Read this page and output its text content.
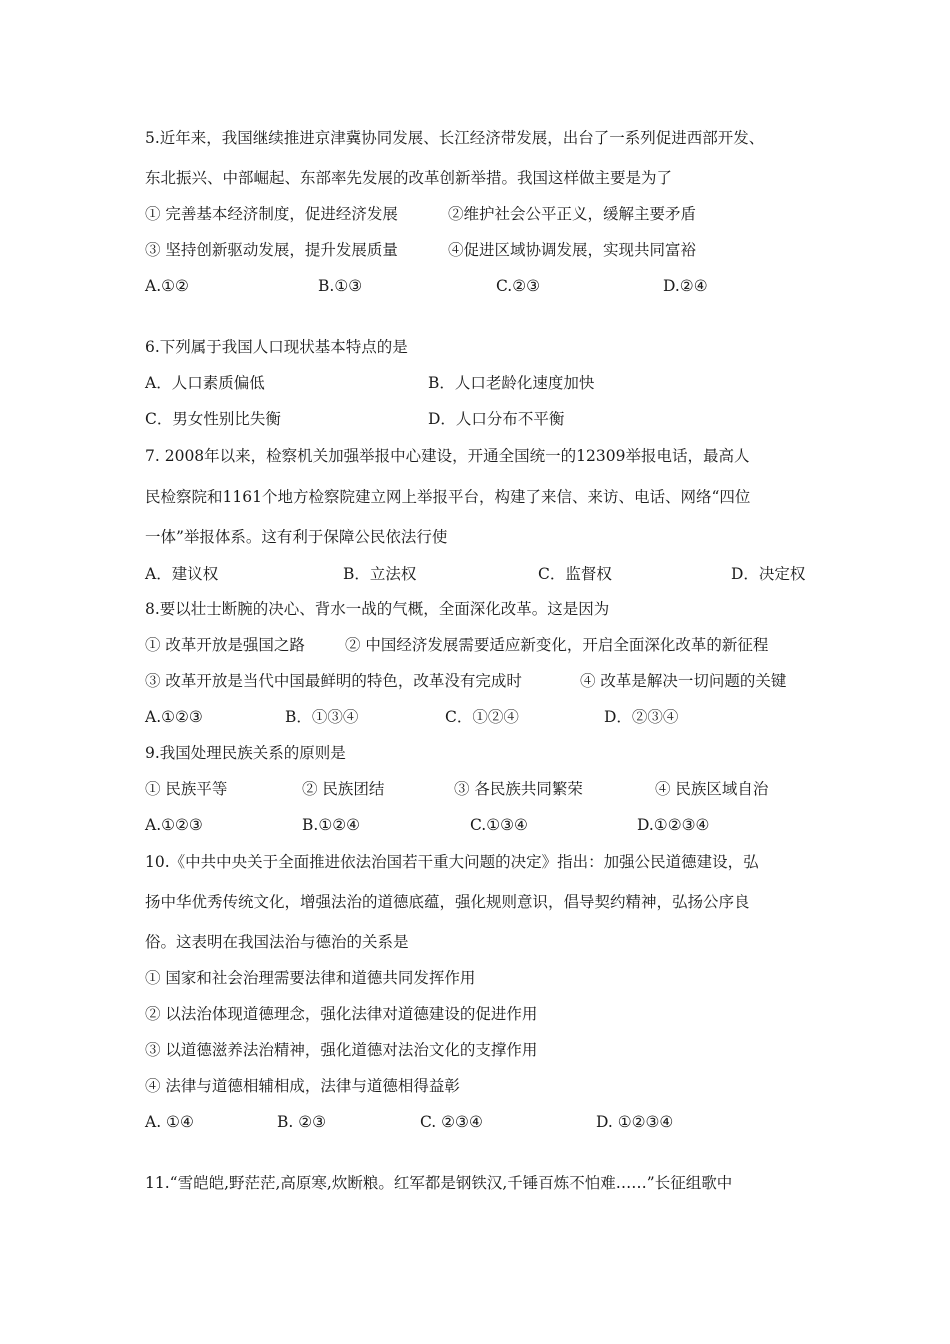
5.近年来，我国继续推进京津冀协同发展、长江经济带发展，出台了一系列促进西部开发、
东北振兴、中部崛起、东部率先发展的改革创新举措。我国这样做主要是为了
① 完善基本经济制度，促进经济发展	②维护社会公平正义，缓解主要矛盾
③ 坚持创新驱动发展，提升发展质量	④促进区域协调发展，实现共同富裕
A.①②	B.①③	C.②③	D.②④
6.下列属于我国人口现状基本特点的是
A．人口素质偏低	B．人口老龄化速度加快
C．男女性别比失衡	D．人口分布不平衡
7. 2008年以来，检察机关加强举报中心建设，开通全国统一的12309举报电话，最高人
民检察院和1161个地方检察院建立网上举报平台，构建了来信、来访、电话、网络“四位
一体”举报体系。这有利于保障公民依法行使
A．建议权	B．立法权	C．监督权	D．决定权
8.要以壮士断腕的决心、背水一战的气概，全面深化改革。这是因为
① 改革开放是强国之路	② 中国经济发展需要适应新变化，开启全面深化改革的新征程
③ 改革开放是当代中国最鲜明的特色，改革没有完成时	④ 改革是解决一切问题的关键
A.①②③	B．①③④	C．①②④	D．②③④
9.我国处理民族关系的原则是
① 民族平等	② 民族团结	③ 各民族共同繁荣	④ 民族区域自治
A.①②③	B.①②④	C.①③④	D.①②③④
10.《中共中央关于全面推进依法治国若干重大问题的决定》指出：加强公民道德建设，弘
扬中华优秀传统文化，增强法治的道德底蕴，强化规则意识，倡导契约精神，弘扬公序良
俗。这表明在我国法治与德治的关系是
① 国家和社会治理需要法律和道德共同发挥作用
② 以法治体现道德理念，强化法律对道德建设的促进作用
③ 以道德滋养法治精神，强化道德对法治文化的支撑作用
④ 法律与道德相辅相成，法律与道德相得益彰
A. ①④	B. ②③	C. ②③④	D. ①②③④
11.“雪皑皑,野茫茫,高原寒,炊断粮。红军都是钢铁汉,千锤百炼不怕难……”长征组歌中
